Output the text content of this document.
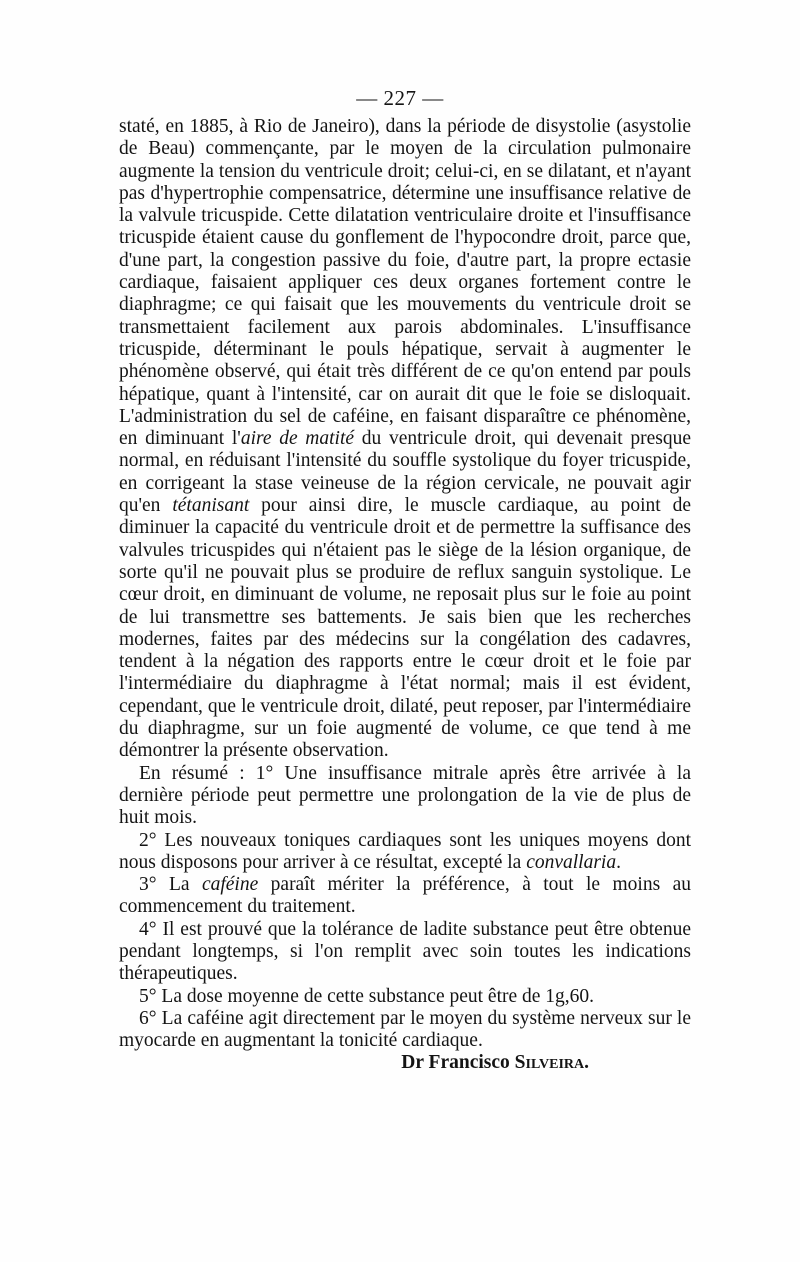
— 227 —

staté, en 1885, à Rio de Janeiro), dans la période de disystolie (asystolie de Beau) commençante, par le moyen de la circulation pulmonaire augmente la tension du ventricule droit; celui-ci, en se dilatant, et n'ayant pas d'hypertrophie compensatrice, détermine une insuffisance relative de la valvule tricuspide. Cette dilatation ventriculaire droite et l'insuffisance tricuspide étaient cause du gonflement de l'hypocondre droit, parce que, d'une part, la congestion passive du foie, d'autre part, la propre ectasie cardiaque, faisaient appliquer ces deux organes fortement contre le diaphragme; ce qui faisait que les mouvements du ventricule droit se transmettaient facilement aux parois abdominales. L'insuffisance tricuspide, déterminant le pouls hépatique, servait à augmenter le phénomène observé, qui était très différent de ce qu'on entend par pouls hépatique, quant à l'intensité, car on aurait dit que le foie se disloquait. L'administration du sel de caféine, en faisant disparaître ce phénomène, en diminuant l'aire de matité du ventricule droit, qui devenait presque normal, en réduisant l'intensité du souffle systolique du foyer tricuspide, en corrigeant la stase veineuse de la région cervicale, ne pouvait agir qu'en tétanisant pour ainsi dire, le muscle cardiaque, au point de diminuer la capacité du ventricule droit et de permettre la suffisance des valvules tricuspides qui n'étaient pas le siège de la lésion organique, de sorte qu'il ne pouvait plus se produire de reflux sanguin systolique. Le cœur droit, en diminuant de volume, ne reposait plus sur le foie au point de lui transmettre ses battements. Je sais bien que les recherches modernes, faites par des médecins sur la congélation des cadavres, tendent à la négation des rapports entre le cœur droit et le foie par l'intermédiaire du diaphragme à l'état normal; mais il est évident, cependant, que le ventricule droit, dilaté, peut reposer, par l'intermédiaire du diaphragme, sur un foie augmenté de volume, ce que tend à me démontrer la présente observation.

En résumé : 1° Une insuffisance mitrale après être arrivée à la dernière période peut permettre une prolongation de la vie de plus de huit mois.

2° Les nouveaux toniques cardiaques sont les uniques moyens dont nous disposons pour arriver à ce résultat, excepté la convallaria.

3° La caféine paraît mériter la préférence, à tout le moins au commencement du traitement.

4° Il est prouvé que la tolérance de ladite substance peut être obtenue pendant longtemps, si l'on remplit avec soin toutes les indications thérapeutiques.

5° La dose moyenne de cette substance peut être de 1g,60.

6° La caféine agit directement par le moyen du système nerveux sur le myocarde en augmentant la tonicité cardiaque.

Dr Francisco Silveira.
